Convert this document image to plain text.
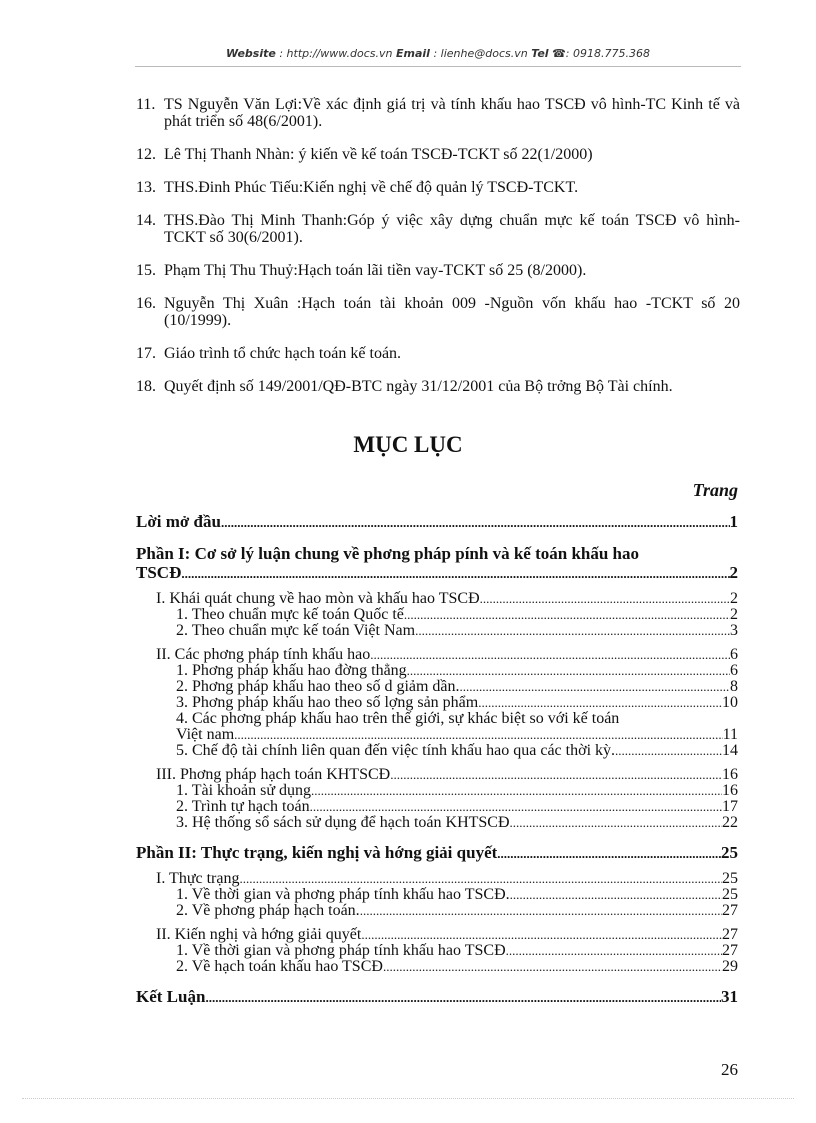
Website : http://www.docs.vn Email : lienhe@docs.vn Tel ☎: 0918.775.368
11. TS Nguyễn Văn Lợi:Về xác định giá trị và tính khấu hao TSCĐ vô hình-TC Kinh tế và phát triển số 48(6/2001).
12. Lê Thị Thanh Nhàn: ý kiến về kế toán TSCĐ-TCKT số 22(1/2000)
13. THS.Đinh Phúc Tiếu:Kiến nghị về chế độ quản lý TSCĐ-TCKT.
14. THS.Đào Thị Minh Thanh:Góp ý việc xây dựng chuẩn mực kế toán TSCĐ vô hình-TCKT số 30(6/2001).
15. Phạm Thị Thu Thuỷ:Hạch toán lãi tiền vay-TCKT số 25 (8/2000).
16. Nguyễn Thị Xuân :Hạch toán tài khoản 009 -Nguồn vốn khấu hao -TCKT số 20 (10/1999).
17. Giáo trình tổ chức hạch toán kế toán.
18. Quyết định số 149/2001/QĐ-BTC ngày 31/12/2001 của Bộ trởng Bộ Tài chính.
MỤC LỤC
Trang
Lời mở đầu .....	1
Phần I: Cơ sở lý luận chung về phơng pháp pính và kế toán khấu hao
TSCĐ .....	2
I. Khái quát chung về hao mòn và khấu hao TSCĐ .....	2
1. Theo chuẩn mực kế toán Quốc tế .....	2
2. Theo chuẩn mực kế toán Việt Nam .....	3
II. Các phơng pháp tính khấu hao .....	6
1. Phơng pháp khấu hao đờng thẳng .....	6
2. Phơng pháp khấu hao theo số d giảm dần. .....	8
3. Phơng pháp khấu hao theo số lợng sản phẩm .....	10
4. Các phơng pháp khấu hao trên thế giới, sự khác biệt so với kế toán
Việt nam .....	11
5. Chế độ tài chính liên quan đến việc tính khấu hao qua các thời kỳ. .....	14
III. Phơng pháp hạch toán KHTSCĐ .....	16
1. Tài khoản sử dụng .....	16
2. Trình tự hạch toán .....	17
3. Hệ thống sổ sách sử dụng để hạch toán KHTSCĐ .....	22
Phần II: Thực trạng, kiến nghị và hớng giải quyết .....	25
I. Thực trạng .....	25
1. Về thời gian và phơng pháp tính khấu hao TSCĐ. .....	25
2. Về phơng pháp hạch toán. .....	27
II. Kiến nghị và hớng giải quyết .....	27
1. Về thời gian và phơng pháp tính khấu hao TSCĐ .....	27
2. Về hạch toán khấu hao TSCĐ .....	29
Kết Luận .....	31
26
